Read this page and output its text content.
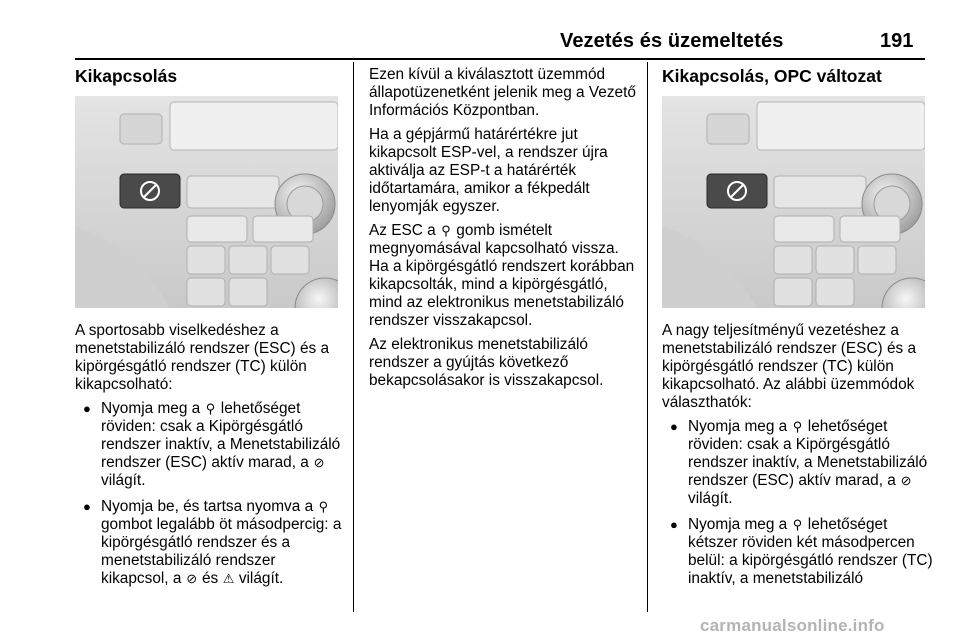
Vezetés és üzemeltetés	191
Kikapcsolás

A sportosabb viselkedéshez a menetstabilizáló rendszer (ESC) és a kipörgésgátló rendszer (TC) külön kikapcsolható:

● Nyomja meg a ⚲ lehetőséget röviden: csak a Kipörgésgátló rendszer inaktív, a Menetstabilizáló rendszer (ESC) aktív marad, a ⊘ világít.
● Nyomja be, és tartsa nyomva a ⚲ gombot legalább öt másodpercig: a kipörgésgátló rendszer és a menetstabilizáló rendszer kikapcsol, a ⊘ és ⚠ világít.

Ezen kívül a kiválasztott üzemmód állapotüzenetként jelenik meg a Vezető Információs Központban.

Ha a gépjármű határértékre jut kikapcsolt ESP-vel, a rendszer újra aktiválja az ESP-t a határérték időtartamára, amikor a fékpedált lenyomják egyszer.

Az ESC a ⚲ gomb ismételt megnyomásával kapcsolható vissza. Ha a kipörgésgátló rendszert korábban kikapcsolták, mind a kipörgésgátló, mind az elektronikus menetstabilizáló rendszer visszakapcsol.

Az elektronikus menetstabilizáló rendszer a gyújtás következő bekapcsolásakor is visszakapcsol.

Kikapcsolás, OPC változat

A nagy teljesítményű vezetéshez a menetstabilizáló rendszer (ESC) és a kipörgésgátló rendszer (TC) külön kikapcsolható. Az alábbi üzemmódok választhatók:

● Nyomja meg a ⚲ lehetőséget röviden: csak a Kipörgésgátló rendszer inaktív, a Menetstabilizáló rendszer (ESC) aktív marad, a ⊘ világít.
● Nyomja meg a ⚲ lehetőséget kétszer röviden két másodpercen belül: a kipörgésgátló rendszer (TC) inaktív, a menetstabilizáló
carmanualsonline.info
